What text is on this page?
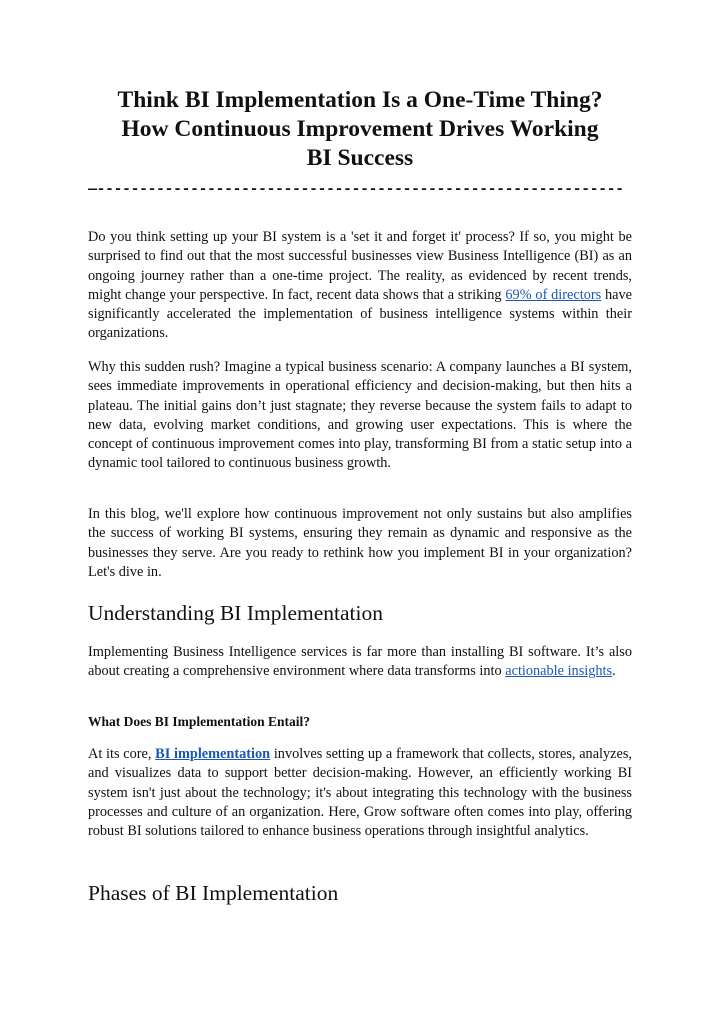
Think BI Implementation Is a One-Time Thing?
How Continuous Improvement Drives Working
BI Success
—--------------------------------------------------------------

Do you think setting up your BI system is a 'set it and forget it' process? If so, you might be surprised to find out that the most successful businesses view Business Intelligence (BI) as an ongoing journey rather than a one-time project. The reality, as evidenced by recent trends, might change your perspective. In fact, recent data shows that a striking 69% of directors have significantly accelerated the implementation of business intelligence systems within their organizations.

Why this sudden rush? Imagine a typical business scenario: A company launches a BI system, sees immediate improvements in operational efficiency and decision-making, but then hits a plateau. The initial gains don’t just stagnate; they reverse because the system fails to adapt to new data, evolving market conditions, and growing user expectations. This is where the concept of continuous improvement comes into play, transforming BI from a static setup into a dynamic tool tailored to continuous business growth.

In this blog, we'll explore how continuous improvement not only sustains but also amplifies the success of working BI systems, ensuring they remain as dynamic and responsive as the businesses they serve. Are you ready to rethink how you implement BI in your organization? Let's dive in.

Understanding BI Implementation

Implementing Business Intelligence services is far more than installing BI software. It’s also about creating a comprehensive environment where data transforms into actionable insights.

What Does BI Implementation Entail?

At its core, BI implementation involves setting up a framework that collects, stores, analyzes, and visualizes data to support better decision-making. However, an efficiently working BI system isn't just about the technology; it's about integrating this technology with the business processes and culture of an organization. Here, Grow software often comes into play, offering robust BI solutions tailored to enhance business operations through insightful analytics.

Phases of BI Implementation
